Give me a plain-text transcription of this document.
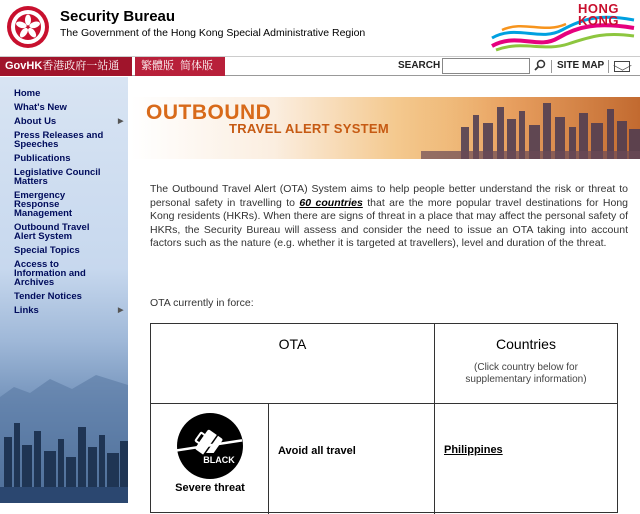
Security Bureau
The Government of the Hong Kong Special Administrative Region
HONG
KONG
GovHK香港政府一站通	繁體版 简体版	SEARCH	SITE MAP
Home
What's New
About Us	▶
Press Releases and Speeches
Publications
Legislative Council Matters
Emergency Response Management
Outbound Travel Alert System
Special Topics
Access to Information and Archives
Tender Notices
Links	▶
OUTBOUND
TRAVEL ALERT SYSTEM

The Outbound Travel Alert (OTA) System aims to help people better understand the risk or threat to personal safety in travelling to 60 countries that are the more popular travel destinations for Hong Kong residents (HKRs). When there are signs of threat in a place that may affect the personal safety of HKRs, the Security Bureau will assess and consider the need to issue an OTA taking into account factors such as the nature (e.g. whether it is targeted at travellers), level and duration of the threat.

OTA currently in force:
OTA	Countries
(Click country below for supplementary information)
BLACK
Severe threat
Avoid all travel	Philippines
